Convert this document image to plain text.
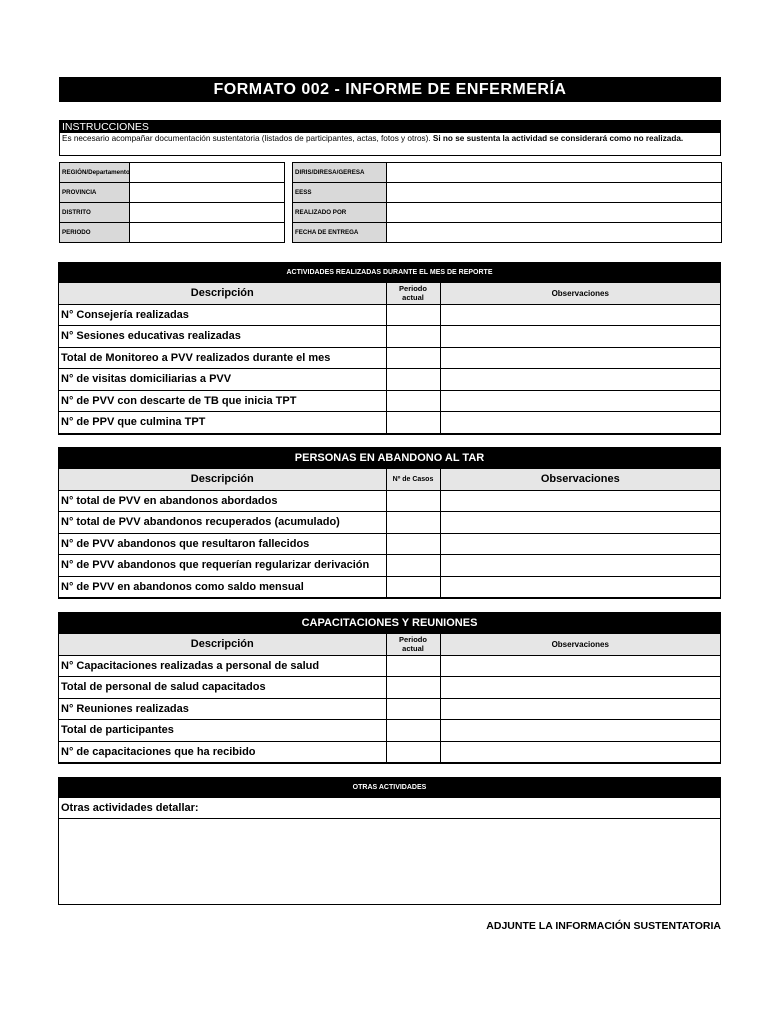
FORMATO 002 - INFORME DE ENFERMERÍA
INSTRUCCIONES
Es necesario acompañar documentación sustentatoria (listados de participantes, actas, fotos y otros). Si no se sustenta la actividad se considerará como no realizada.
REGIÓN/Departamento	
PROVINCIA	
DISTRITO	
PERIODO	
DIRIS/DIRESA/GERESA	
EESS	
REALIZADO POR	
FECHA DE ENTREGA	
ACTIVIDADES REALIZADAS DURANTE EL MES DE REPORTE
Descripción	Periodo actual	Observaciones
N° Consejería realizadas		
N° Sesiones educativas realizadas		
Total de Monitoreo a PVV realizados durante el mes		
N° de visitas domiciliarias a PVV		
N° de PVV con descarte de TB que inicia TPT		
N° de PPV que culmina TPT		
PERSONAS EN ABANDONO AL TAR
Descripción	Nº de Casos	Observaciones
N° total de PVV en abandonos abordados		
N° total de PVV abandonos recuperados (acumulado)		
N° de PVV abandonos que resultaron fallecidos		
N° de PVV abandonos que requerían regularizar derivación		
N° de PVV en abandonos como saldo mensual		
CAPACITACIONES Y REUNIONES
Descripción	Periodo actual	Observaciones
N° Capacitaciones realizadas a personal de salud		
Total de personal de salud capacitados		
N° Reuniones realizadas		
Total de participantes		
N° de capacitaciones que ha recibido		
OTRAS ACTIVIDADES
Otras actividades detallar:
ADJUNTE LA INFORMACIÓN SUSTENTATORIA
